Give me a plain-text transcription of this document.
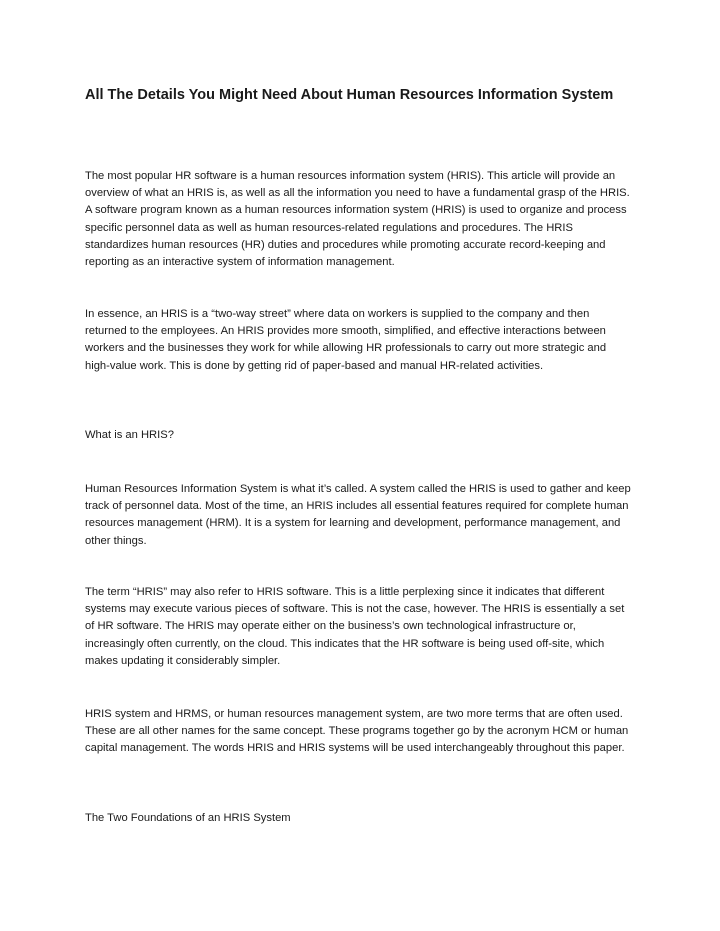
All The Details You Might Need About Human Resources Information System

The most popular HR software is a human resources information system (HRIS). This article will provide an overview of what an HRIS is, as well as all the information you need to have a fundamental grasp of the HRIS. A software program known as a human resources information system (HRIS) is used to organize and process specific personnel data as well as human resources-related regulations and procedures. The HRIS standardizes human resources (HR) duties and procedures while promoting accurate record-keeping and reporting as an interactive system of information management.

In essence, an HRIS is a “two-way street” where data on workers is supplied to the company and then returned to the employees. An HRIS provides more smooth, simplified, and effective interactions between workers and the businesses they work for while allowing HR professionals to carry out more strategic and high-value work. This is done by getting rid of paper-based and manual HR-related activities.

What is an HRIS?

Human Resources Information System is what it’s called. A system called the HRIS is used to gather and keep track of personnel data. Most of the time, an HRIS includes all essential features required for complete human resources management (HRM). It is a system for learning and development, performance management, and other things.

The term “HRIS” may also refer to HRIS software. This is a little perplexing since it indicates that different systems may execute various pieces of software. This is not the case, however. The HRIS is essentially a set of HR software. The HRIS may operate either on the business’s own technological infrastructure or, increasingly often currently, on the cloud. This indicates that the HR software is being used off-site, which makes updating it considerably simpler.

HRIS system and HRMS, or human resources management system, are two more terms that are often used. These are all other names for the same concept. These programs together go by the acronym HCM or human capital management. The words HRIS and HRIS systems will be used interchangeably throughout this paper.

The Two Foundations of an HRIS System
